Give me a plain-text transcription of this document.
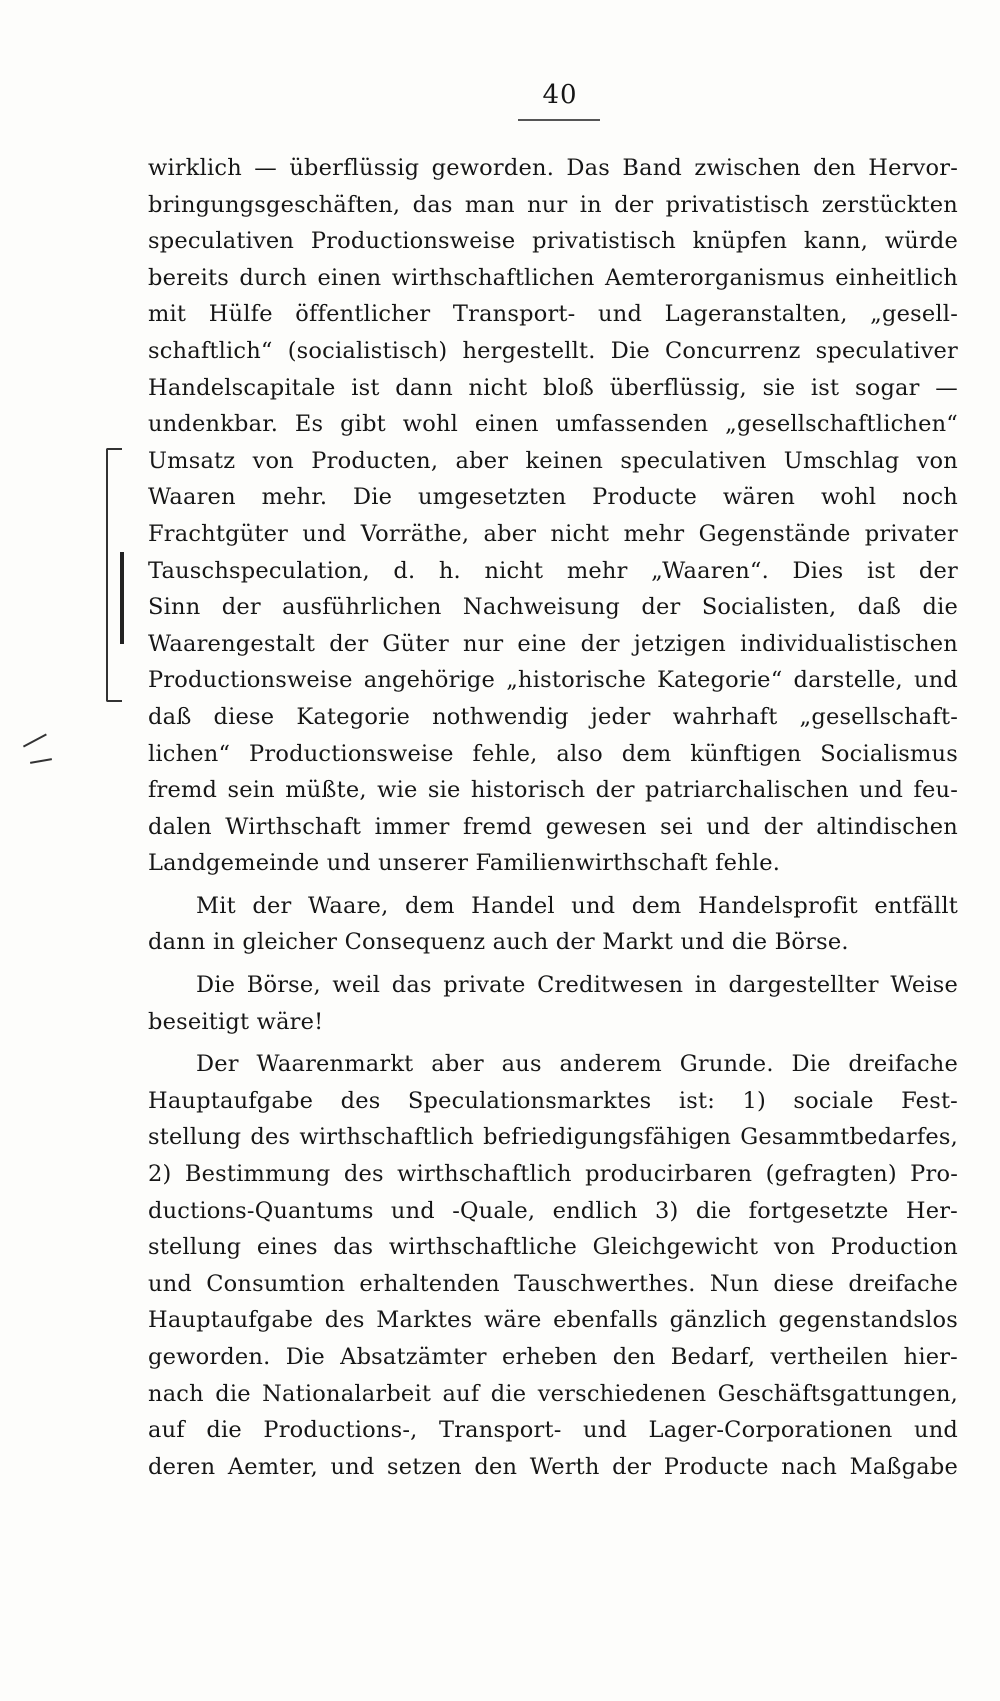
40
wirklich — überflüssig geworden. Das Band zwischen den Hervor-
bringungsgeschäften, das man nur in der privatistisch zerstückten
speculativen Productionsweise privatistisch knüpfen kann, würde
bereits durch einen wirthschaftlichen Aemterorganismus einheitlich
mit Hülfe öffentlicher Transport- und Lageranstalten, „gesell-
schaftlich“ (socialistisch) hergestellt. Die Concurrenz speculativer
Handelscapitale ist dann nicht bloß überflüssig, sie ist sogar —
undenkbar. Es gibt wohl einen umfassenden „gesellschaftlichen“
Umsatz von Producten, aber keinen speculativen Umschlag von
Waaren mehr. Die umgesetzten Producte wären wohl noch
Frachtgüter und Vorräthe, aber nicht mehr Gegenstände privater
Tauschspeculation, d. h. nicht mehr „Waaren“. Dies ist der
Sinn der ausführlichen Nachweisung der Socialisten, daß die
Waarengestalt der Güter nur eine der jetzigen individualistischen
Productionsweise angehörige „historische Kategorie“ darstelle, und
daß diese Kategorie nothwendig jeder wahrhaft „gesellschaft-
lichen“ Productionsweise fehle, also dem künftigen Socialismus
fremd sein müßte, wie sie historisch der patriarchalischen und feu-
dalen Wirthschaft immer fremd gewesen sei und der altindischen
Landgemeinde und unserer Familienwirthschaft fehle.
Mit der Waare, dem Handel und dem Handelsprofit entfällt
dann in gleicher Consequenz auch der Markt und die Börse.
Die Börse, weil das private Creditwesen in dargestellter Weise
beseitigt wäre!
Der Waarenmarkt aber aus anderem Grunde. Die dreifache
Hauptaufgabe des Speculationsmarktes ist: 1) sociale Fest-
stellung des wirthschaftlich befriedigungsfähigen Gesammtbedarfes,
2) Bestimmung des wirthschaftlich producirbaren (gefragten) Pro-
ductions-Quantums und -Quale, endlich 3) die fortgesetzte Her-
stellung eines das wirthschaftliche Gleichgewicht von Production
und Consumtion erhaltenden Tauschwerthes. Nun diese dreifache
Hauptaufgabe des Marktes wäre ebenfalls gänzlich gegenstandslos
geworden. Die Absatzämter erheben den Bedarf, vertheilen hier-
nach die Nationalarbeit auf die verschiedenen Geschäftsgattungen,
auf die Productions-, Transport- und Lager-Corporationen und
deren Aemter, und setzen den Werth der Producte nach Maßgabe
